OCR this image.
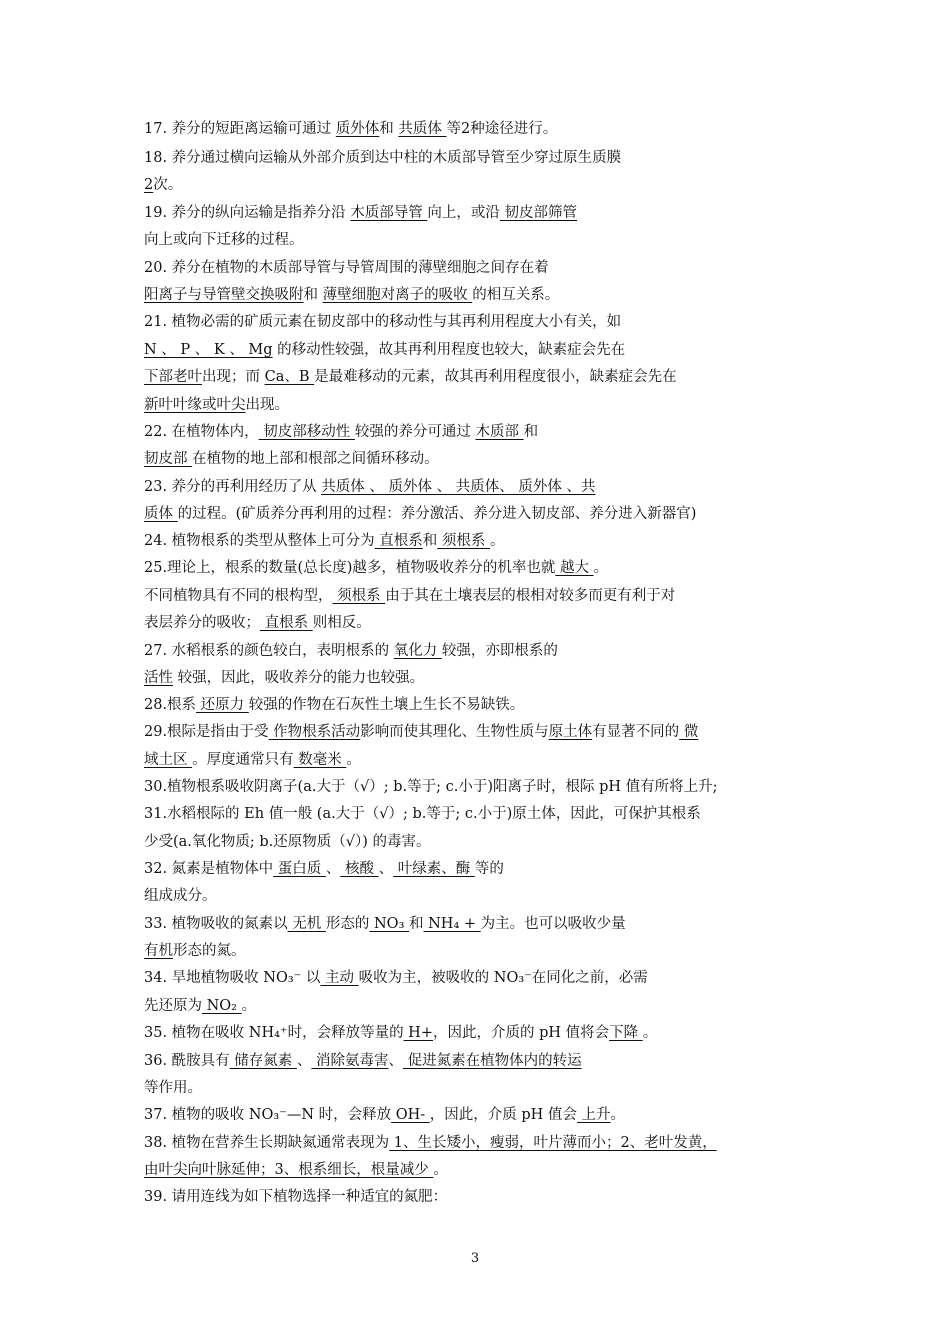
17. 养分的短距离运输可通过 质外体和 共质体 等2种途径进行。
18. 养分通过横向运输从外部介质到达中柱的木质部导管至少穿过原生质膜
2次。
19. 养分的纵向运输是指养分沿 木质部导管 向上，或沿 韧皮部筛管
向上或向下迁移的过程。
20. 养分在植物的木质部导管与导管周围的薄壁细胞之间存在着
阳离子与导管壁交换吸附和 薄壁细胞对离子的吸收 的相互关系。
21. 植物必需的矿质元素在韧皮部中的移动性与其再利用程度大小有关，如
N 、 P 、 K 、 Mg 的移动性较强，故其再利用程度也较大，缺素症会先在
下部老叶出现；而 Ca、B 是最难移动的元素，故其再利用程度很小，缺素症会先在
新叶叶缘或叶尖出现。
22. 在植物体内， 韧皮部移动性 较强的养分可通过 木质部 和
韧皮部 在植物的地上部和根部之间循环移动。
23. 养分的再利用经历了从 共质体 、 质外体 、 共质体、 质外体 、共
质体 的过程。(矿质养分再利用的过程：养分激活、养分进入韧皮部、养分进入新器官)
24. 植物根系的类型从整体上可分为 直根系和 须根系 。
25.理论上，根系的数量(总长度)越多，植物吸收养分的机率也就 越大 。
不同植物具有不同的根构型， 须根系 由于其在土壤表层的根相对较多而更有利于对
表层养分的吸收； 直根系 则相反。
27. 水稻根系的颜色较白，表明根系的 氧化力 较强，亦即根系的
活性 较强，因此，吸收养分的能力也较强。
28.根系 还原力 较强的作物在石灰性土壤上生长不易缺铁。
29.根际是指由于受 作物根系活动影响而使其理化、生物性质与原土体有显著不同的 微
域土区 。厚度通常只有 数毫米 。
30.植物根系吸收阴离子(a.大于（√）; b.等于; c.小于)阳离子时，根际 pH 值有所将上升;
31.水稻根际的 Eh 值一般 (a.大于（√）; b.等于; c.小于)原土体，因此，可保护其根系
少受(a.氧化物质; b.还原物质（√）) 的毒害。
32. 氮素是植物体中 蛋白质 、 核酸 、 叶绿素、酶 等的
组成成分。
33. 植物吸收的氮素以 无机 形态的 NO₃ 和 NH₄ + 为主。也可以吸收少量
有机形态的氮。
34. 旱地植物吸收 NO₃⁻ 以 主动 吸收为主，被吸收的 NO₃⁻在同化之前，必需
先还原为 NO₂ 。
35. 植物在吸收 NH₄⁺时，会释放等量的 H+，因此，介质的 pH 值将会下降 。
36. 酰胺具有 储存氮素 、 消除氨毒害、 促进氮素在植物体内的转运
等作用。
37. 植物的吸收 NO₃⁻—N 时，会释放 OH- ，因此，介质 pH 值会 上升。
38. 植物在营养生长期缺氮通常表现为 1、生长矮小，瘦弱，叶片薄而小；2、老叶发黄，
由叶尖向叶脉延伸；3、根系细长，根量减少 。
39. 请用连线为如下植物选择一种适宜的氮肥：
3
